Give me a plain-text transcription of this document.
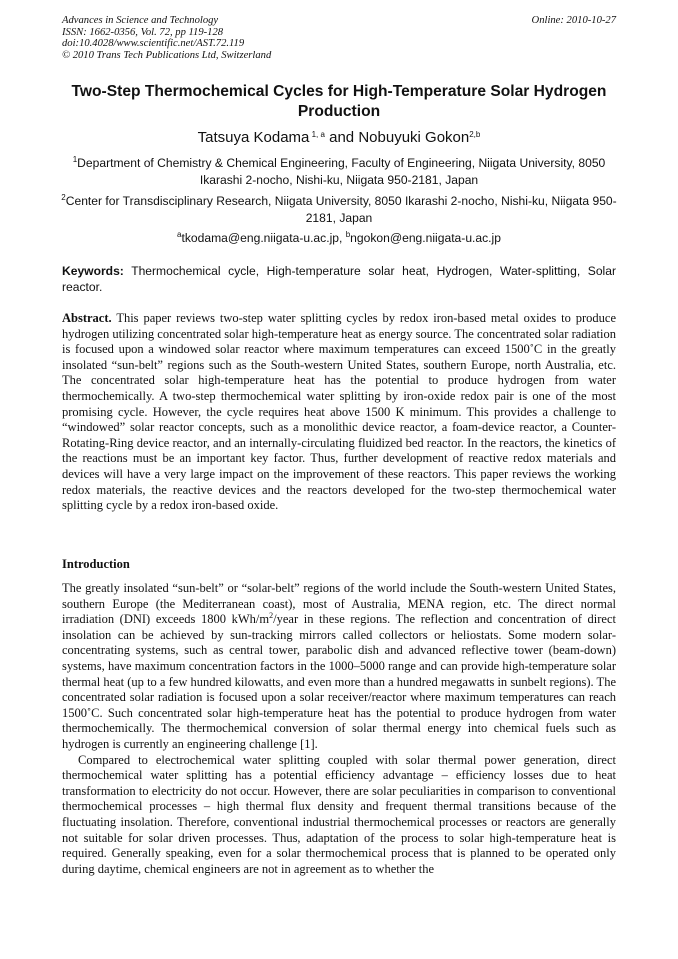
Advances in Science and Technology
ISSN: 1662-0356, Vol. 72, pp 119-128
doi:10.4028/www.scientific.net/AST.72.119
© 2010 Trans Tech Publications Ltd, Switzerland
Online: 2010-10-27
Two-Step Thermochemical Cycles for High-Temperature Solar Hydrogen Production
Tatsuya Kodama $^{1, a}$ and Nobuyuki Gokon$^{2,b}$
$^1$Department of Chemistry & Chemical Engineering, Faculty of Engineering, Niigata University, 8050 Ikarashi 2-nocho, Nishi-ku, Niigata 950-2181, Japan
$^2$Center for Transdisciplinary Research, Niigata University, 8050 Ikarashi 2-nocho, Nishi-ku, Niigata 950-2181, Japan
$^a$tkodama@eng.niigata-u.ac.jp, $^b$ngokon@eng.niigata-u.ac.jp
Keywords: Thermochemical cycle, High-temperature solar heat, Hydrogen, Water-splitting, Solar reactor.
Abstract. This paper reviews two-step water splitting cycles by redox iron-based metal oxides to produce hydrogen utilizing concentrated solar high-temperature heat as energy source. The concentrated solar radiation is focused upon a windowed solar reactor where maximum temperatures can exceed 1500˚C in the greatly insolated “sun-belt” regions such as the South-western United States, southern Europe, north Australia, etc. The concentrated solar high-temperature heat has the potential to produce hydrogen from water thermochemically. A two-step thermochemical water splitting by iron-oxide redox pair is one of the most promising cycle. However, the cycle requires heat above 1500 K minimum. This provides a challenge to “windowed” solar reactor concepts, such as a monolithic device reactor, a foam-device reactor, a Counter-Rotating-Ring device reactor, and an internally-circulating fluidized bed reactor. In the reactors, the kinetics of the reactions must be an important key factor. Thus, further development of reactive redox materials and devices will have a very large impact on the improvement of these reactors. This paper reviews the working redox materials, the reactive devices and the reactors developed for the two-step thermochemical water splitting cycle by a redox iron-based oxide.
Introduction

The greatly insolated “sun-belt” or “solar-belt” regions of the world include the South-western United States, southern Europe (the Mediterranean coast), most of Australia, MENA region, etc. The direct normal irradiation (DNI) exceeds 1800 kWh/$m^2$/year in these regions. The reflection and concentration of direct insolation can be achieved by sun-tracking mirrors called collectors or heliostats. Some modern solar-concentrating systems, such as central tower, parabolic dish and advanced reflective tower (beam-down) systems, have maximum concentration factors in the 1000–5000 range and can provide high-temperature solar thermal heat (up to a few hundred kilowatts, and even more than a hundred megawatts in sunbelt regions). The concentrated solar radiation is focused upon a solar receiver/reactor where maximum temperatures can reach 1500˚C. Such concentrated solar high-temperature heat has the potential to produce hydrogen from water thermochemically. The thermochemical conversion of solar thermal energy into chemical fuels such as hydrogen is currently an engineering challenge [1].

Compared to electrochemical water splitting coupled with solar thermal power generation, direct thermochemical water splitting has a potential efficiency advantage – efficiency losses due to heat transformation to electricity do not occur. However, there are solar peculiarities in comparison to conventional thermochemical processes – high thermal flux density and frequent thermal transitions because of the fluctuating insolation. Therefore, conventional industrial thermochemical processes or reactors are generally not suitable for solar driven processes. Thus, adaptation of the process to solar high-temperature heat is required. Generally speaking, even for a solar thermochemical process that is planned to be operated only during daytime, chemical engineers are not in agreement as to whether the
